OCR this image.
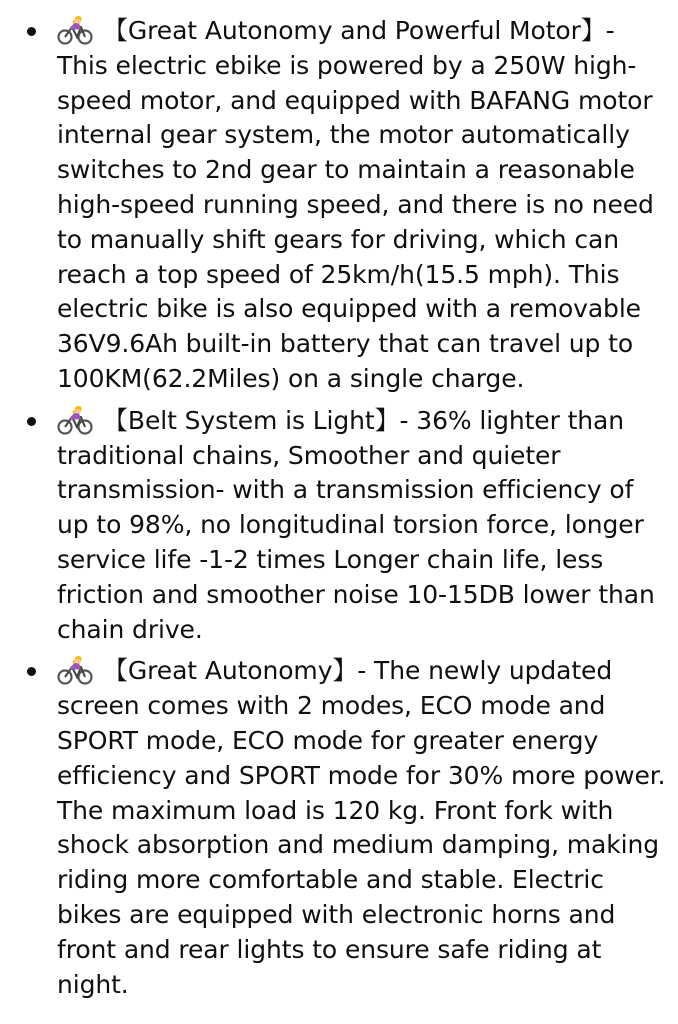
【Great Autonomy and Powerful Motor】- This electric ebike is powered by a 250W high-speed motor, and equipped with BAFANG motor internal gear system, the motor automatically switches to 2nd gear to maintain a reasonable high-speed running speed, and there is no need to manually shift gears for driving, which can reach a top speed of 25km/h(15.5 mph). This electric bike is also equipped with a removable 36V9.6Ah built-in battery that can travel up to 100KM(62.2Miles) on a single charge.
【Belt System is Light】- 36% lighter than traditional chains, Smoother and quieter transmission- with a transmission efficiency of up to 98%, no longitudinal torsion force, longer service life -1-2 times Longer chain life, less friction and smoother noise 10-15DB lower than chain drive.
【Great Autonomy】- The newly updated screen comes with 2 modes, ECO mode and SPORT mode, ECO mode for greater energy efficiency and SPORT mode for 30% more power. The maximum load is 120 kg. Front fork with shock absorption and medium damping, making riding more comfortable and stable. Electric bikes are equipped with electronic horns and front and rear lights to ensure safe riding at night.
